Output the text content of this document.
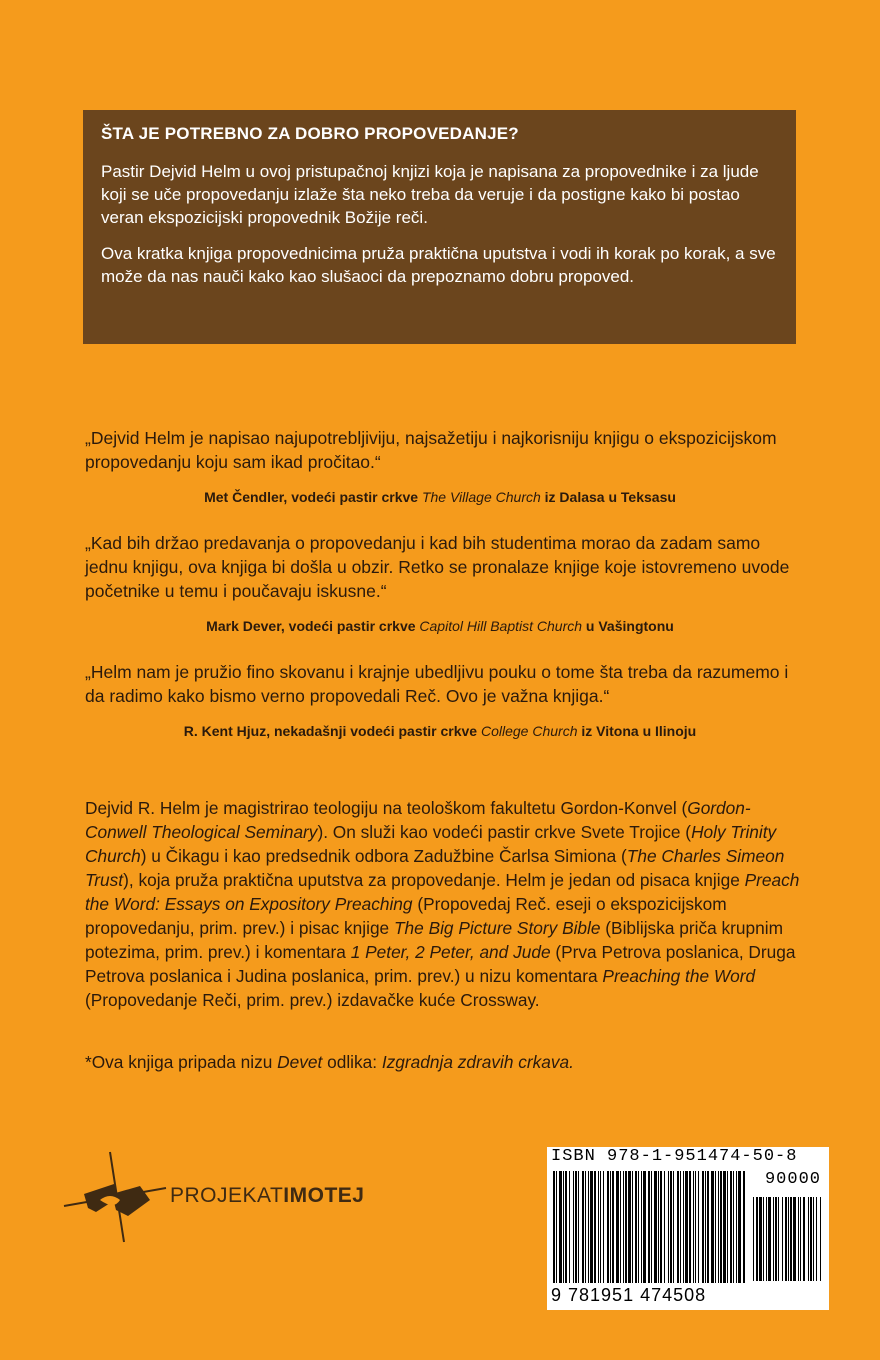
ŠTA JE POTREBNO ZA DOBRO PROPOVEDANJE?

Pastir Dejvid Helm u ovoj pristupačnoj knjizi koja je napisana za propovednike i za ljude koji se uče propovedanju izlaže šta neko treba da veruje i da postigne kako bi postao veran ekspozicijski propovednik Božije reči.

Ova kratka knjiga propovednicima pruža praktična uputstva i vodi ih korak po korak, a sve može da nas nauči kako kao slušaoci da prepoznamo dobru propoved.

„Dejvid Helm je napisao najupotrebljiviju, najsažetiju i najkorisniju knjigu o ekspozicijskom propovedanju koju sam ikad pročitao.“

Met Čendler, vodeći pastir crkve The Village Church iz Dalasa u Teksasu

„Kad bih držao predavanja o propovedanju i kad bih studentima morao da zadam samo jednu knjigu, ova knjiga bi došla u obzir. Retko se pronalaze knjige koje istovremeno uvode početnike u temu i poučavaju iskusne.“

Mark Dever, vodeći pastir crkve Capitol Hill Baptist Church u Vašingtonu

„Helm nam je pružio fino skovanu i krajnje ubedljivu pouku o tome šta treba da razumemo i da radimo kako bismo verno propovedali Reč. Ovo je važna knjiga.“

R. Kent Hjuz, nekadašnji vodeći pastir crkve College Church iz Vitona u Ilinoju

Dejvid R. Helm je magistrirao teologiju na teološkom fakultetu Gordon-Konvel (Gordon-Conwell Theological Seminary). On služi kao vodeći pastir crkve Svete Trojice (Holy Trinity Church) u Čikagu i kao predsednik odbora Zadužbine Čarlsa Simiona (The Charles Simeon Trust), koja pruža praktična uputstva za propovedanje. Helm je jedan od pisaca knjige Preach the Word: Essays on Expository Preaching (Propovedaj Reč. eseji o ekspozicijskom propovedanju, prim. prev.) i pisac knjige The Big Picture Story Bible (Biblijska priča krupnim potezima, prim. prev.) i komentara 1 Peter, 2 Peter, and Jude (Prva Petrova poslanica, Druga Petrova poslanica i Judina poslanica, prim. prev.) u nizu komentara Preaching the Word (Propovedanje Reči, prim. prev.) izdavačke kuće Crossway.

*Ova knjiga pripada nizu Devet odlika: Izgradnja zdravih crkava.

PROJEKATIMOTEJ
ISBN 978-1-951474-50-8
90000
9 781951 474508
